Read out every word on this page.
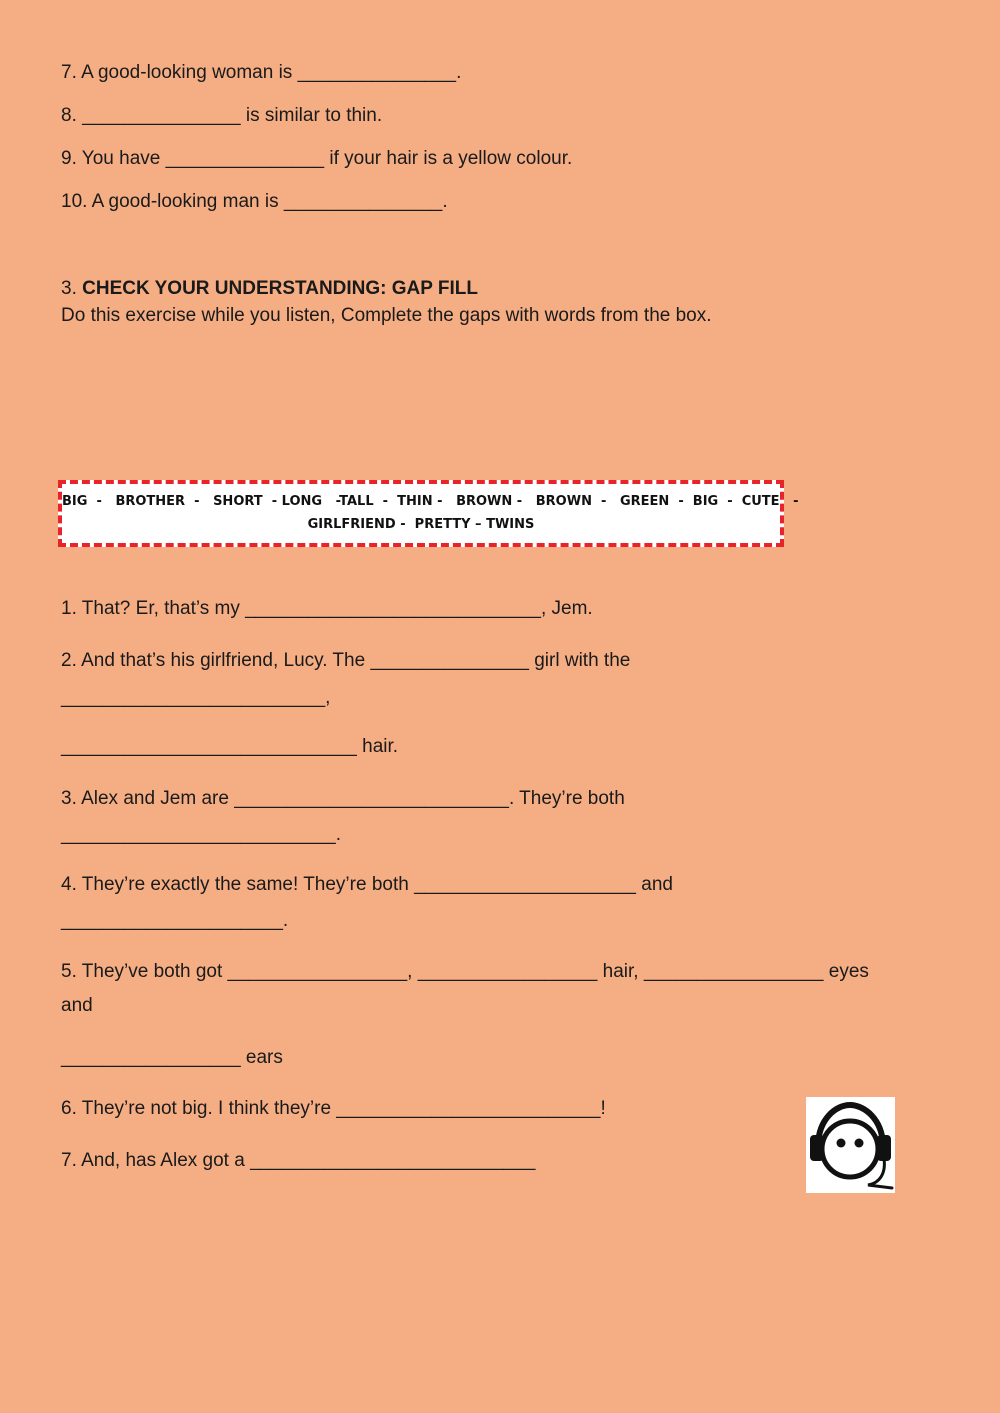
7. A good-looking woman is _______________.
8. _______________ is similar to thin.
9. You have _______________ if your hair is a yellow colour.
10. A good-looking man is _______________.
3. CHECK YOUR UNDERSTANDING: GAP FILL
Do this exercise while you listen, Complete the gaps with words from the box.
BIG  -   BROTHER  -   SHORT  - LONG   -TALL  -  THIN -   BROWN -   BROWN  -   GREEN  -  BIG  -  CUTE   -
GIRLFRIEND -  PRETTY – TWINS
1. That? Er, that’s my ____________________________, Jem.
2. And that’s his girlfriend, Lucy. The _______________ girl with the
_________________________,
____________________________ hair.
3. Alex and Jem are __________________________. They’re both
__________________________.
4. They’re exactly the same! They’re both _____________________ and
_____________________.
5. They’ve both got _________________, _________________ hair, _________________ eyes
and
_________________ ears
6. They’re not big. I think they’re _________________________!
7. And, has Alex got a ___________________________
